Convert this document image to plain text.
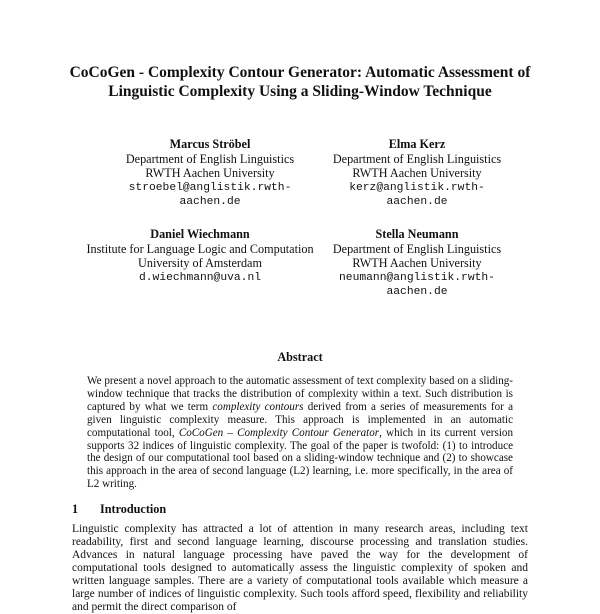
CoCoGen - Complexity Contour Generator: Automatic Assessment of
Linguistic Complexity Using a Sliding-Window Technique
Marcus Ströbel
Department of English Linguistics
RWTH Aachen University
stroebel@anglistik.rwth-
aachen.de
Elma Kerz
Department of English Linguistics
RWTH Aachen University
kerz@anglistik.rwth-
aachen.de
Daniel Wiechmann
Institute for Language Logic and Computation
University of Amsterdam
d.wiechmann@uva.nl
Stella Neumann
Department of English Linguistics
RWTH Aachen University
neumann@anglistik.rwth-
aachen.de
Abstract

We present a novel approach to the automatic assessment of text complexity based on a sliding-window technique that tracks the distribution of complexity within a text. Such distribution is captured by what we term complexity contours derived from a series of measurements for a given linguistic complexity measure. This approach is implemented in an automatic computational tool, CoCoGen – Complexity Contour Generator, which in its current version supports 32 indices of linguistic complexity. The goal of the paper is twofold: (1) to introduce the design of our computational tool based on a sliding-window technique and (2) to showcase this approach in the area of second language (L2) learning, i.e. more specifically, in the area of L2 writing.

1 Introduction

Linguistic complexity has attracted a lot of attention in many research areas, including text readability, first and second language learning, discourse processing and translation studies. Advances in natural language processing have paved the way for the development of computational tools designed to automatically assess the linguistic complexity of spoken and written language samples. There are a variety of computational tools available which measure a large number of indices of linguistic complexity. Such tools afford speed, flexibility and reliability and permit the direct comparison of
